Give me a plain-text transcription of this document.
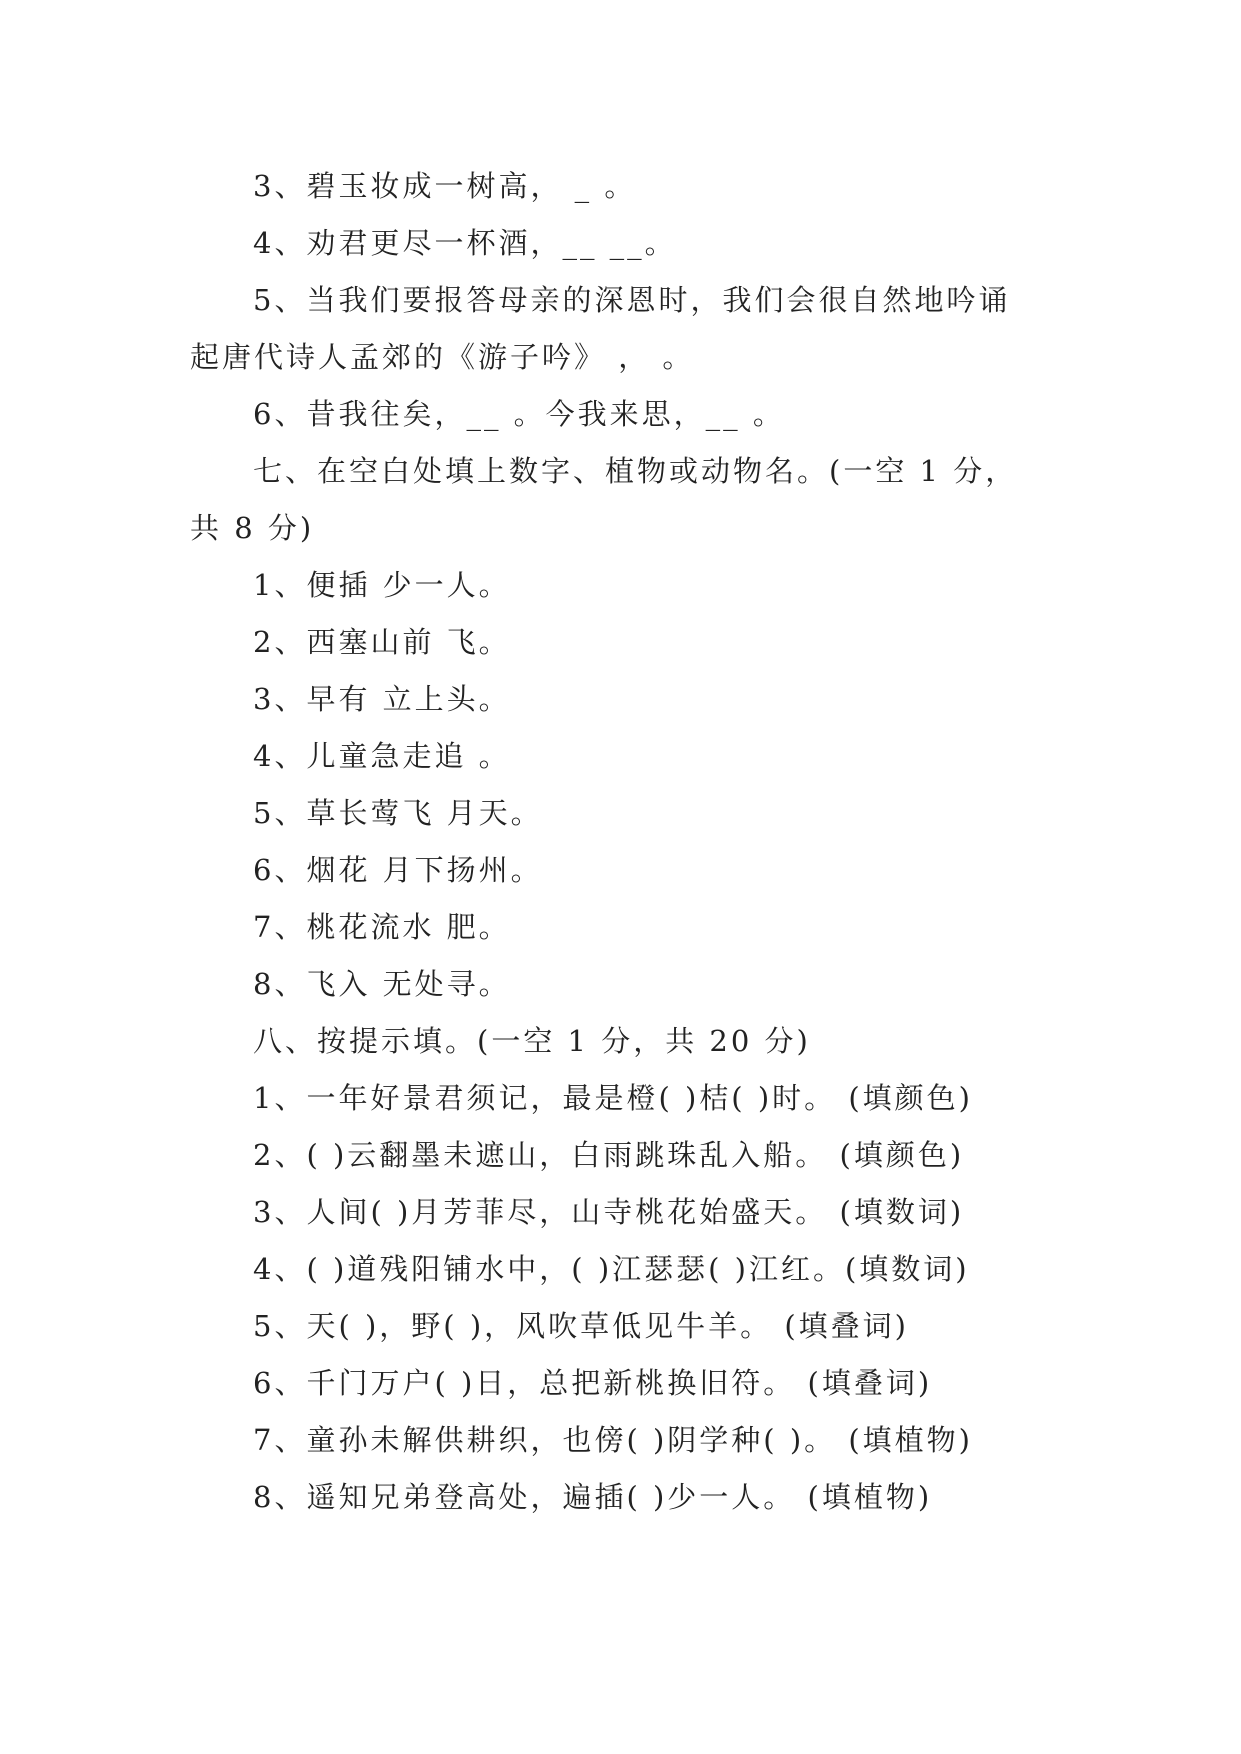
3、碧玉妆成一树高， _ 。
4、劝君更尽一杯酒，__ __。
5、当我们要报答母亲的深恩时，我们会很自然地吟诵
起唐代诗人孟郊的《游子吟》 ， 。
6、昔我往矣，__ 。今我来思，__ 。
七、在空白处填上数字、植物或动物名。(一空 1 分，
共 8 分)
1、便插 少一人。
2、西塞山前 飞。
3、早有 立上头。
4、儿童急走追 。
5、草长莺飞 月天。
6、烟花 月下扬州。
7、桃花流水 肥。
8、飞入 无处寻。
八、按提示填。(一空 1 分，共 20 分)
1、一年好景君须记，最是橙( )桔( )时。 (填颜色)
2、( )云翻墨未遮山，白雨跳珠乱入船。 (填颜色)
3、人间( )月芳菲尽，山寺桃花始盛天。 (填数词)
4、( )道残阳铺水中，( )江瑟瑟( )江红。(填数词)
5、天( )，野( )，风吹草低见牛羊。 (填叠词)
6、千门万户( )日，总把新桃换旧符。 (填叠词)
7、童孙未解供耕织，也傍( )阴学种( )。 (填植物)
8、遥知兄弟登高处，遍插( )少一人。 (填植物)
